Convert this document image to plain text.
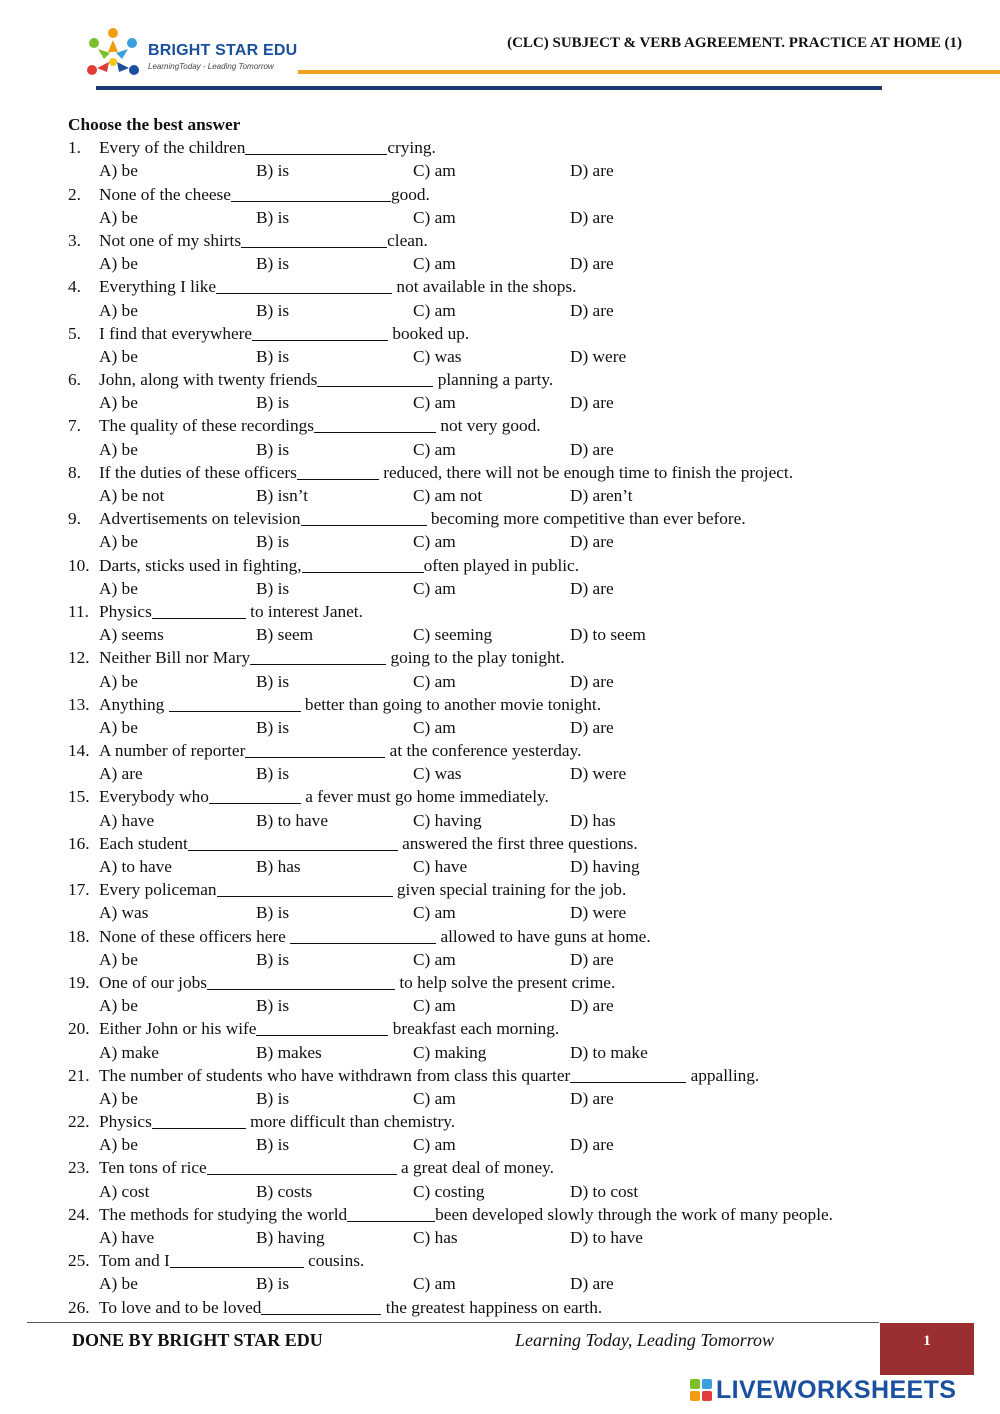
BRIGHT STAR EDU
LearningToday - Leading Tomorrow
(CLC) SUBJECT & VERB AGREEMENT. PRACTICE AT HOME (1)
Choose the best answer
1. Every of the children	crying.
A) be	B) is	C) am	D) are
2. None of the cheese	good.
A) be	B) is	C) am	D) are
3. Not one of my shirts	clean.
A) be	B) is	C) am	D) are
4. Everything I like	not available in the shops.
A) be	B) is	C) am	D) are
5. I find that everywhere	booked up.
A) be	B) is	C) was	D) were
6. John, along with twenty friends	planning a party.
A) be	B) is	C) am	D) are
7. The quality of these recordings	not very good.
A) be	B) is	C) am	D) are
8. If the duties of these officers	reduced, there will not be enough time to finish the project.
A) be not	B) isn’t	C) am not	D) aren’t
9. Advertisements on television	becoming more competitive than ever before.
A) be	B) is	C) am	D) are
10. Darts, sticks used in fighting,	often played in public.
A) be	B) is	C) am	D) are
11. Physics	to interest Janet.
A) seems	B) seem	C) seeming	D) to seem
12. Neither Bill nor Mary	going to the play tonight.
A) be	B) is	C) am	D) are
13. Anything	better than going to another movie tonight.
A) be	B) is	C) am	D) are
14. A number of reporter	at the conference yesterday.
A) are	B) is	C) was	D) were
15. Everybody who	a fever must go home immediately.
A) have	B) to have	C) having	D) has
16. Each student	answered the first three questions.
A) to have	B) has	C) have	D) having
17. Every policeman	given special training for the job.
A) was	B) is	C) am	D) were
18. None of these officers here	allowed to have guns at home.
A) be	B) is	C) am	D) are
19. One of our jobs	to help solve the present crime.
A) be	B) is	C) am	D) are
20. Either John or his wife	breakfast each morning.
A) make	B) makes	C) making	D) to make
21. The number of students who have withdrawn from class this quarter	appalling.
A) be	B) is	C) am	D) are
22. Physics	more difficult than chemistry.
A) be	B) is	C) am	D) are
23. Ten tons of rice	a great deal of money.
A) cost	B) costs	C) costing	D) to cost
24. The methods for studying the world	been developed slowly through the work of many people.
A) have	B) having	C) has	D) to have
25. Tom and I	cousins.
A) be	B) is	C) am	D) are
26. To love and to be loved	the greatest happiness on earth.
DONE BY BRIGHT STAR EDU	Learning Today, Leading Tomorrow	1
LIVEWORKSHEETS
